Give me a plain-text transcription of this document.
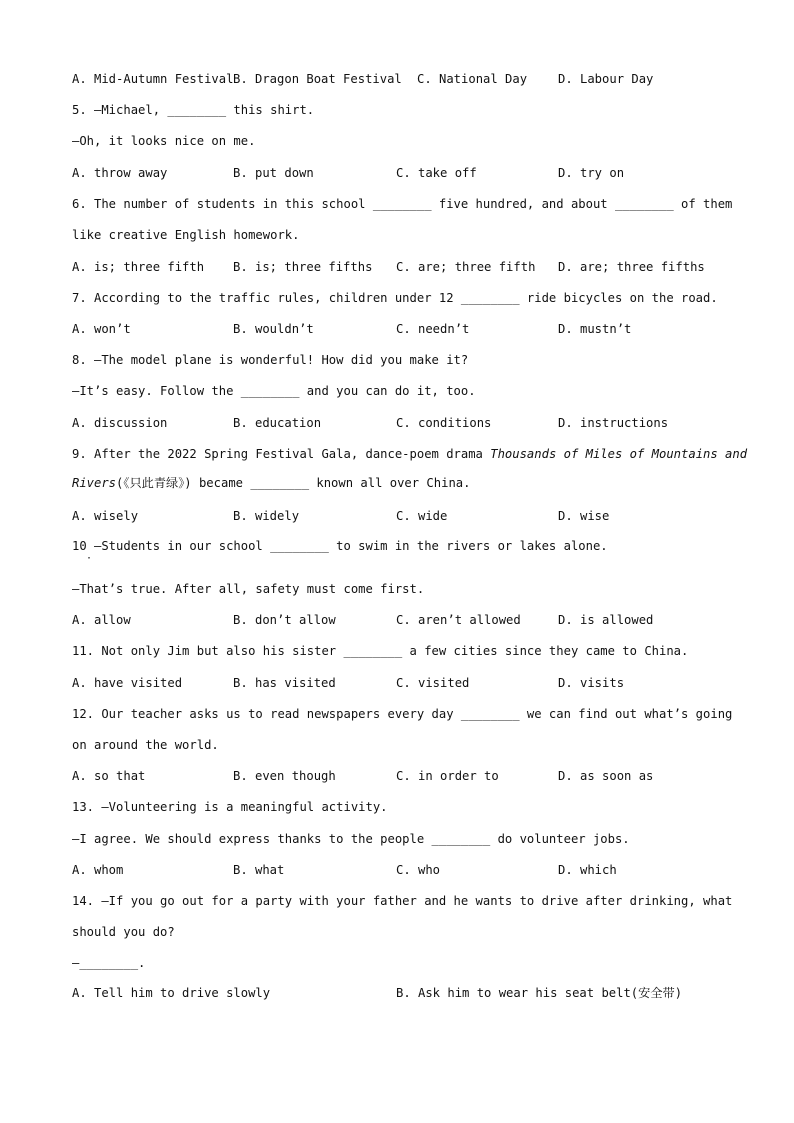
A. Mid-Autumn Festival

B. Dragon Boat Festival

C. National Day

	D. Labour Day

5. —Michael, ________ this shirt.
—Oh, it looks nice on me.

A. throw away

	B. put down

	C. take off

	D. try on

6. The number of students in this school ________ five hundred, and about ________ of them
like creative English homework.

A. is; three fifth

B. is; three fifths

C. are; three fifth

D. are; three fifths

7. According to the traffic rules, children under 12 ________ ride bicycles on the road.

A. won’t

	B. wouldn’t

	C. needn’t

	D. mustn’t

8. —The model plane is wonderful! How did you make it?
—It’s easy. Follow the ________ and you can do it, too.

A. discussion

	B. education

	C. conditions

	D. instructions

9. After the 2022 Spring Festival Gala, dance-poem drama Thousands of Miles of Mountains and
Rivers(《只此青绿》) became ________ known all over China.

A. wisely

	B. widely

	C. wide

	D. wise

10 —Students in our school ________ to swim in the rivers or lakes alone.
·
—That’s true. After all, safety must come first.

A. allow

	B. don’t allow

	C. aren’t allowed

	D. is allowed

11. Not only Jim but also his sister ________ a few cities since they came to China.

A. have visited

	B. has visited

	C. visited

	D. visits

12. Our teacher asks us to read newspapers every day ________ we can find out what’s going
on around the world.

A. so that

	B. even though

	C. in order to

	D. as soon as

13. —Volunteering is a meaningful activity.
—I agree. We should express thanks to the people ________ do volunteer jobs.

A. whom

	B. what

	C. who

	D. which

14. —If you go out for a party with your father and he wants to drive after drinking, what
should you do?
—________.

A. Tell him to drive slowly

	B. Ask him to wear his seat belt(安全带)
